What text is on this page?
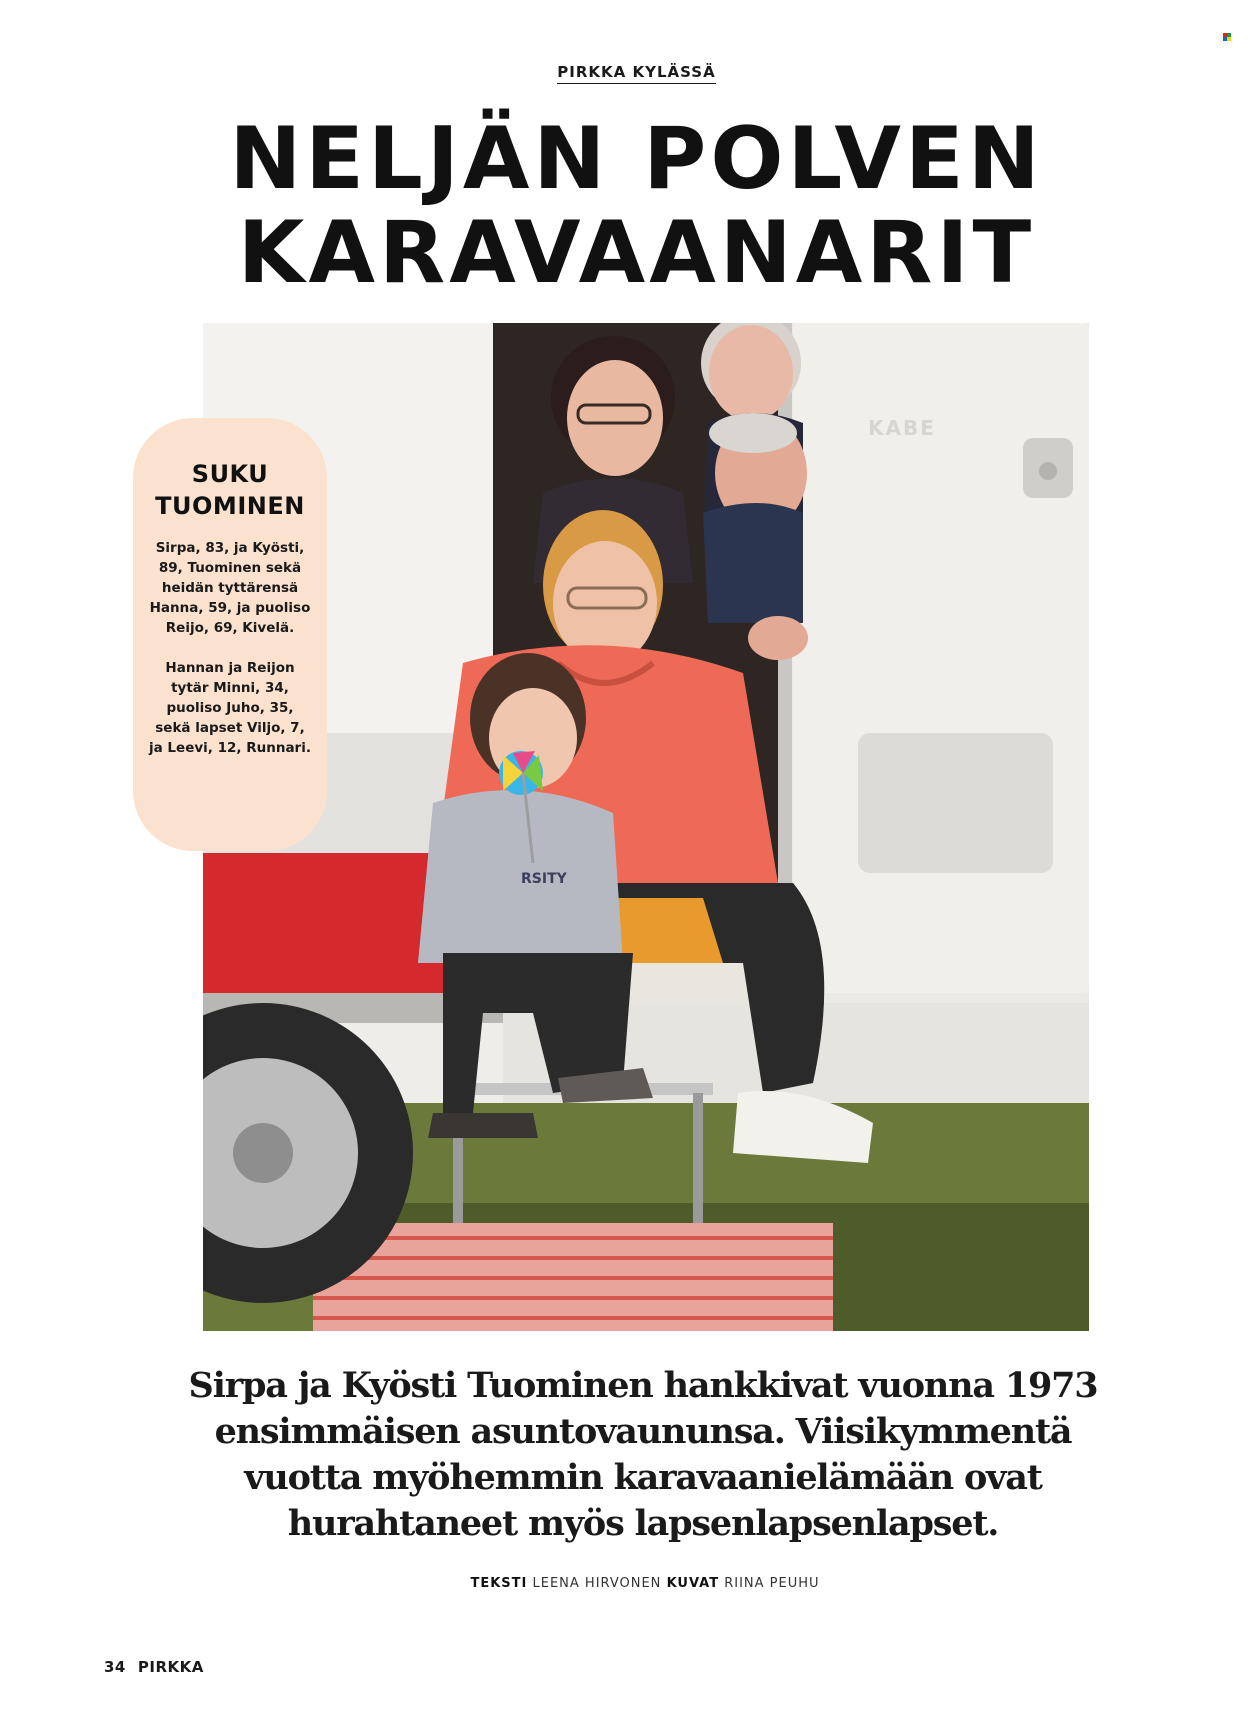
PIRKKA KYLÄSSÄ
NELJÄN POLVEN
KARAVAANARIT
KABE
RSITY
SUKU
TUOMINEN

Sirpa, 83, ja Kyösti, 89, Tuominen sekä heidän tyttärensä Hanna, 59, ja puoliso Reijo, 69, Kivelä.

Hannan ja Reijon tytär Minni, 34, puoliso Juho, 35, sekä lapset Viljo, 7, ja Leevi, 12, Runnari.

Sirpa ja Kyösti Tuominen hankkivat vuonna 1973
ensimmäisen asuntovaununsa. Viisikymmentä
vuotta myöhemmin karavaanielämään ovat
hurahtaneet myös lapsenlapsenlapset.
TEKSTI LEENA HIRVONEN KUVAT RIINA PEUHU
34 PIRKKA
